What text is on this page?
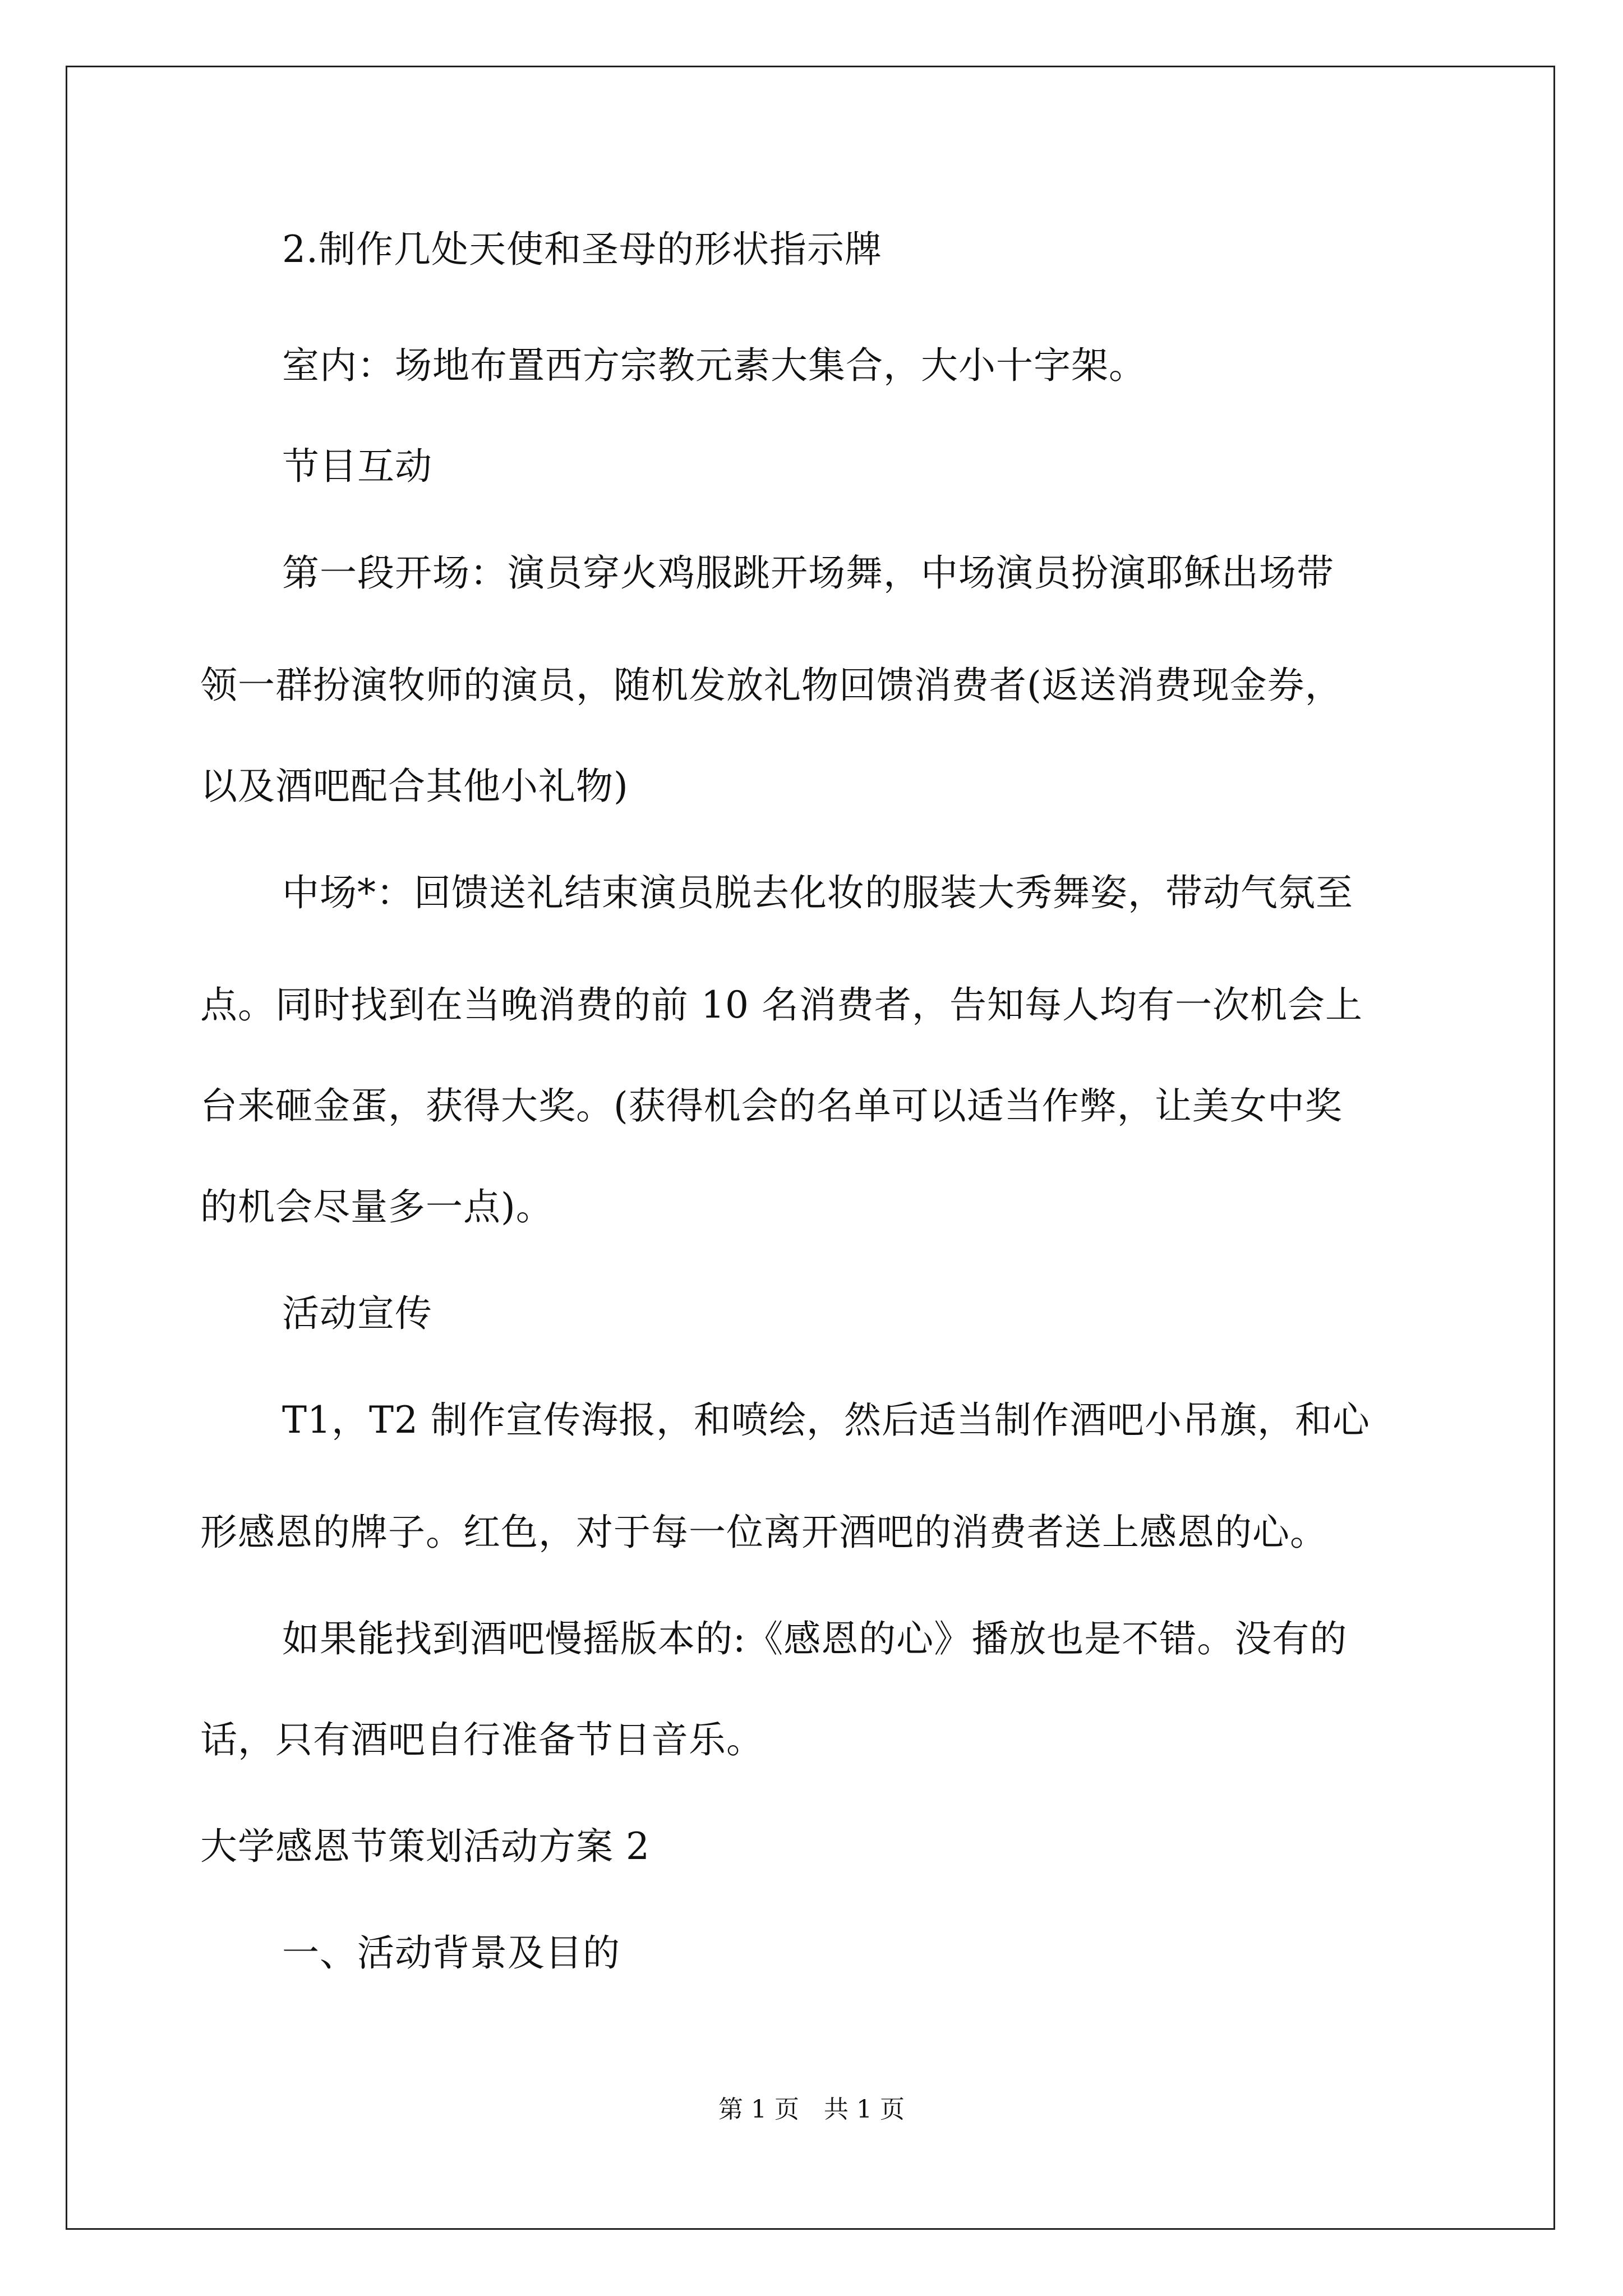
2.制作几处天使和圣母的形状指示牌
室内：场地布置西方宗教元素大集合，大小十字架。
节目互动
第一段开场：演员穿火鸡服跳开场舞，中场演员扮演耶稣出场带
领一群扮演牧师的演员，随机发放礼物回馈消费者(返送消费现金券，
以及酒吧配合其他小礼物)
中场*：回馈送礼结束演员脱去化妆的服装大秀舞姿，带动气氛至
点。同时找到在当晚消费的前 10 名消费者，告知每人均有一次机会上
台来砸金蛋，获得大奖。(获得机会的名单可以适当作弊，让美女中奖
的机会尽量多一点)。
活动宣传
T1，T2 制作宣传海报，和喷绘，然后适当制作酒吧小吊旗，和心
形感恩的牌子。红色，对于每一位离开酒吧的消费者送上感恩的心。
如果能找到酒吧慢摇版本的:《感恩的心》播放也是不错。没有的
话，只有酒吧自行准备节日音乐。
大学感恩节策划活动方案 2
一、活动背景及目的
第 1 页　共 1 页
